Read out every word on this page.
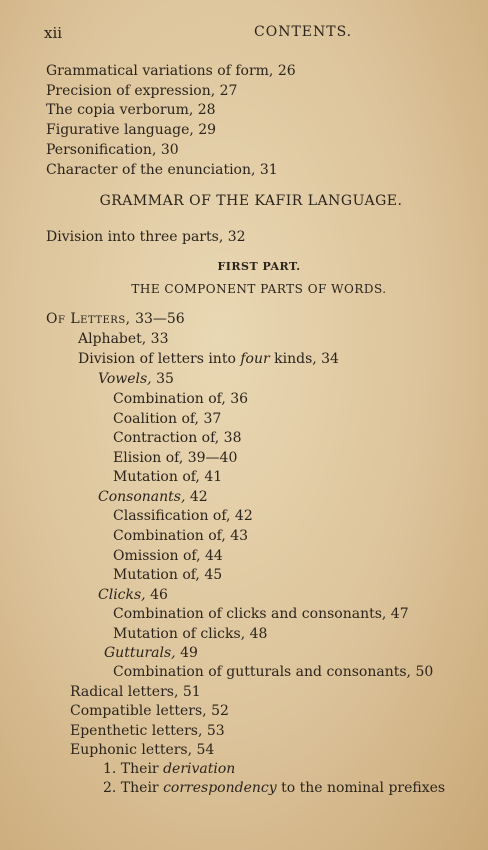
xii	CONTENTS.
Grammatical variations of form, 26
Precision of expression, 27
The copia verborum, 28
Figurative language, 29
Personification, 30
Character of the enunciation, 31
GRAMMAR OF THE KAFIR LANGUAGE.
Division into three parts, 32
FIRST PART.
THE COMPONENT PARTS OF WORDS.
Of Letters, 33—56
Alphabet, 33
Division of letters into four kinds, 34
Vowels, 35
Combination of, 36
Coalition of, 37
Contraction of, 38
Elision of, 39—40
Mutation of, 41
Consonants, 42
Classification of, 42
Combination of, 43
Omission of, 44
Mutation of, 45
Clicks, 46
Combination of clicks and consonants, 47
Mutation of clicks, 48
Gutturals, 49
Combination of gutturals and consonants, 50
Radical letters, 51
Compatible letters, 52
Epenthetic letters, 53
Euphonic letters, 54
1. Their derivation
2. Their correspondency to the nominal prefixes
